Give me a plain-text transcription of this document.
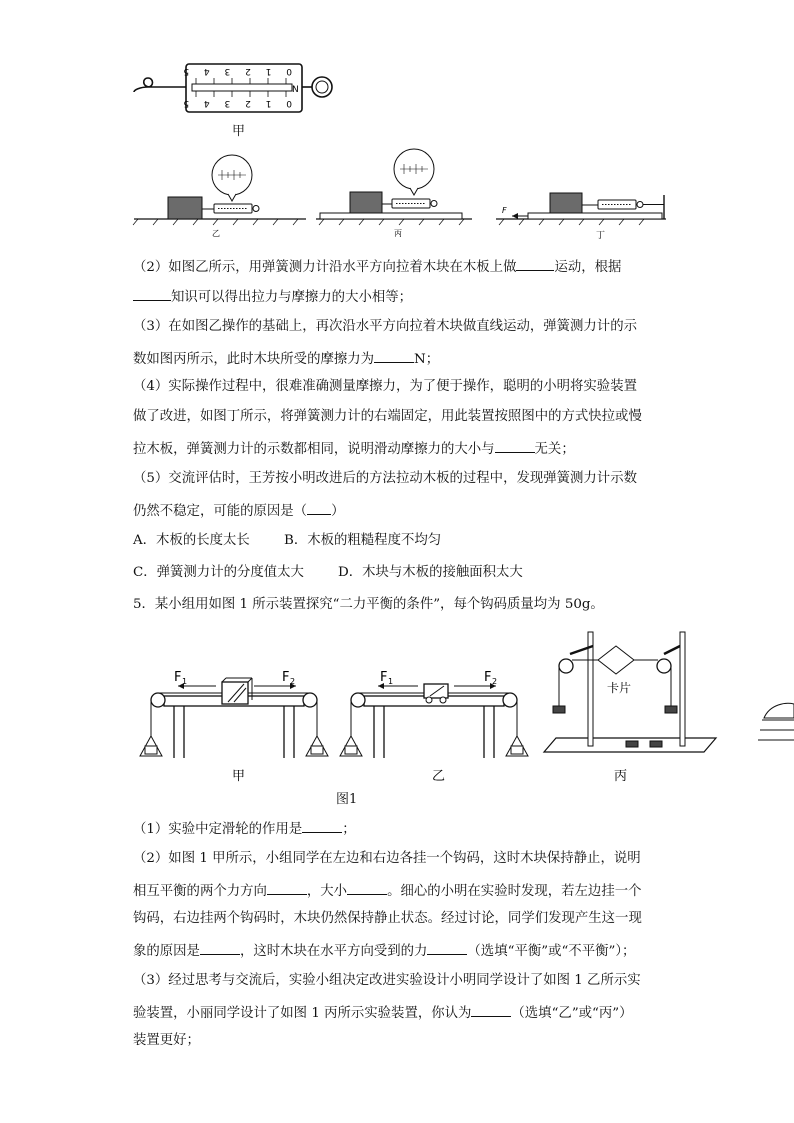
0 1 2 3 4 5
0 1 2 3 4 5
N
甲
F
乙	丙	丁
（2）如图乙所示，用弹簧测力计沿水平方向拉着木块在木板上做	运动，根据
知识可以得出拉力与摩擦力的大小相等；
（3）在如图乙操作的基础上，再次沿水平方向拉着木块做直线运动，弹簧测力计的示
数如图丙所示，此时木块所受的摩擦力为	N；
（4）实际操作过程中，很难准确测量摩擦力，为了便于操作，聪明的小明将实验装置
做了改进，如图丁所示，将弹簧测力计的右端固定，用此装置按照图中的方式快拉或慢
拉木板，弹簧测力计的示数都相同，说明滑动摩擦力的大小与	无关；
（5）交流评估时，王芳按小明改进后的方法拉动木板的过程中，发现弹簧测力计示数
仍然不稳定，可能的原因是（ ）
A．木板的长度太长	B．木板的粗糙程度不均匀
C．弹簧测力计的分度值太大	D．木块与木板的接触面积太大
5．某小组用如图 1 所示装置探究“二力平衡的条件”，每个钩码质量均为 50g。
F 1	F 2	F 1	F 2	卡片
甲	乙	丙
图1
（1）实验中定滑轮的作用是	；
（2）如图 1 甲所示，小组同学在左边和右边各挂一个钩码，这时木块保持静止，说明
相互平衡的两个力方向	，大小	。细心的小明在实验时发现，若左边挂一个
钩码，右边挂两个钩码时，木块仍然保持静止状态。经过讨论，同学们发现产生这一现
象的原因是	，这时木块在水平方向受到的力	（选填“平衡”或“不平衡”）；
（3）经过思考与交流后，实验小组决定改进实验设计小明同学设计了如图 1 乙所示实
验装置，小丽同学设计了如图 1 丙所示实验装置，你认为	（选填“乙”或“丙”）
装置更好；
